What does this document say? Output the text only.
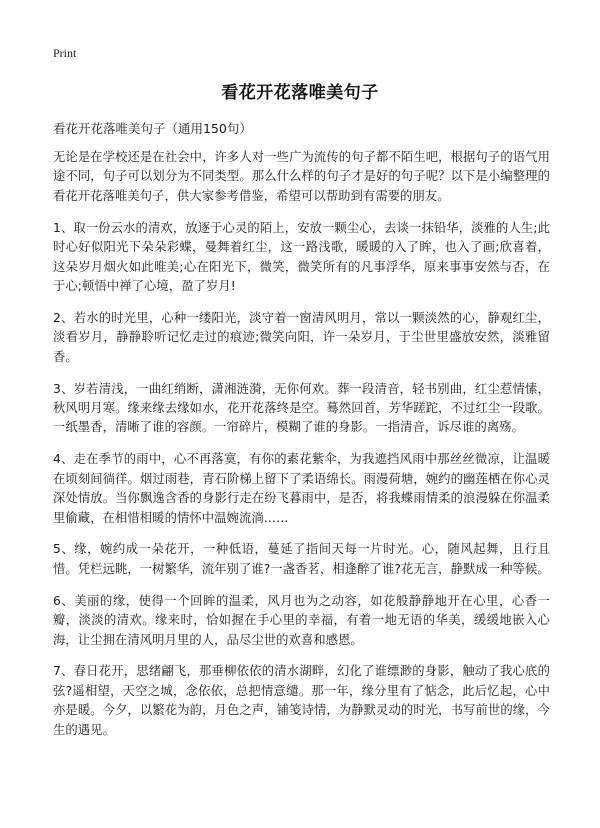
Print
看花开花落唯美句子
看花开花落唯美句子（通用150句）

无论是在学校还是在社会中，许多人对一些广为流传的句子都不陌生吧，根据句子的语气用途不同，句子可以划分为不同类型。那么什么样的句子才是好的句子呢？以下是小编整理的看花开花落唯美句子，供大家参考借鉴，希望可以帮助到有需要的朋友。

1、取一份云水的清欢，放逐于心灵的陌上，安放一颗尘心，去谈一抹铅华，淡雅的人生;此时心好似阳光下朵朵彩蝶，曼舞着红尘，这一路浅歌，暖暖的入了眸，也入了画;欣喜着，这朵岁月烟火如此唯美;心在阳光下，微笑，微笑所有的凡事浮华，原来事事安然与否，在于心;顿悟中禅了心境，盈了岁月!

2、若水的时光里，心种一缕阳光，淡守着一窗清风明月，常以一颗淡然的心，静观红尘，淡看岁月，静静聆听记忆走过的痕迹;微笑向阳，许一朵岁月，于尘世里盛放安然，淡雅留香。

3、岁若清浅，一曲红绡断，潇湘涟漪，无你何欢。葬一段清音，轻书别曲，红尘惹情愫，秋风明月寒。缘来缘去缘如水，花开花落终是空。蓦然回首，芳华蹉跎，不过红尘一段歌。一纸墨香，清晰了谁的容颜。一帘碎片，模糊了谁的身影。一指清音，诉尽谁的离殇。

4、走在季节的雨中，心不再落寞，有你的素花紫伞，为我遮挡风雨中那丝丝微凉，让温暖在顷刻间徜徉。烟过雨巷，青石阶梯上留下了柔语绵长。雨漫荷塘，婉约的幽莲栖在你心灵深处情放。当你飘逸含香的身影行走在纷飞暮雨中，是否，将我蝶雨情柔的浪漫躲在你温柔里偷藏，在相惜相暖的情怀中温婉流淌……

5、缘，婉约成一朵花开，一种低语，蔓延了指间天每一片时光。心，随风起舞，且行且惜。凭栏远眺，一树繁华，流年别了谁?一盏香茗，相逢醉了谁?花无言，静默成一种等候。

6、美丽的缘，使得一个回眸的温柔，风月也为之动容，如花般静静地开在心里，心香一瓣，淡淡的清欢。缘来时，恰如握在手心里的幸福，有着一地无语的华美，缓缓地嵌入心海，让尘拥在清风明月里的人，品尽尘世的欢喜和感恩。

7、春日花开，思绪翩飞，那垂柳依依的清水湖畔，幻化了谁缥渺的身影，触动了我心底的弦?遥相望，天空之城，念依依，总把情意缱。那一年，缘分里有了惦念，此后忆起，心中亦是暖。今夕，以繁花为韵，月色之声，铺笺诗情，为静默灵动的时光，书写前世的缘，今生的遇见。
